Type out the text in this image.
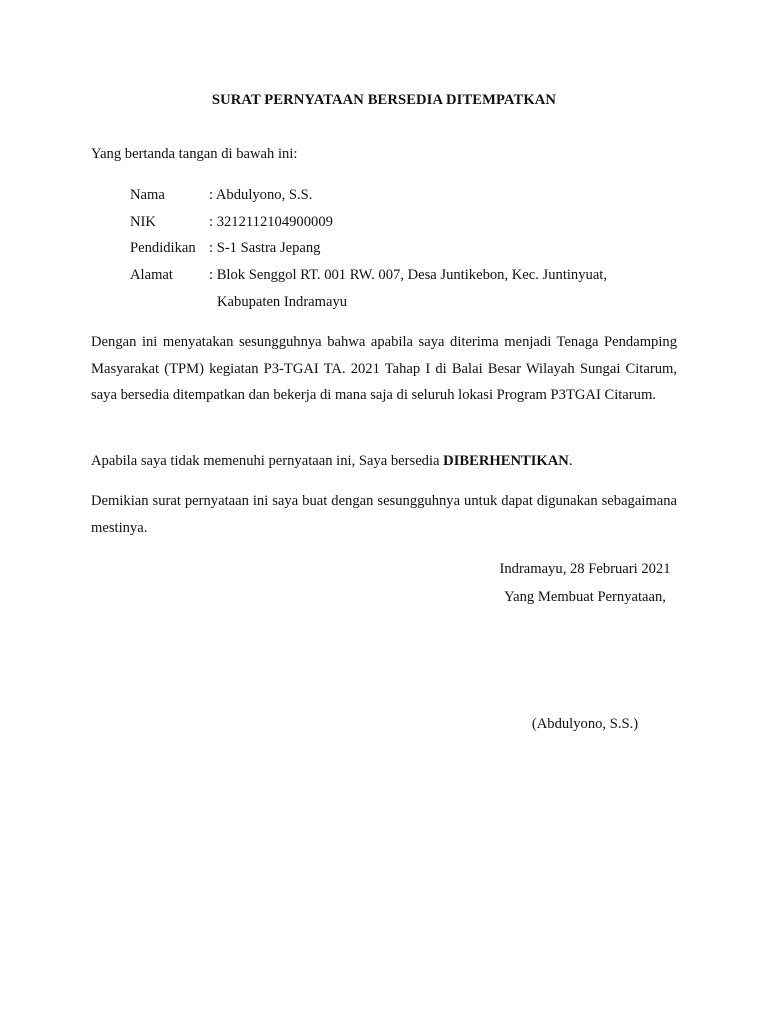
SURAT PERNYATAAN BERSEDIA DITEMPATKAN
Yang bertanda tangan di bawah ini:
Nama	: Abdulyono, S.S.
NIK	: 3212112104900009
Pendidikan : S-1 Sastra Jepang
Alamat	: Blok Senggol RT. 001 RW. 007, Desa Juntikebon, Kec. Juntinyuat,
Kabupaten Indramayu
Dengan ini menyatakan sesungguhnya bahwa apabila saya diterima menjadi Tenaga Pendamping Masyarakat (TPM) kegiatan P3-TGAI TA. 2021 Tahap I di Balai Besar Wilayah Sungai Citarum, saya bersedia ditempatkan dan bekerja di mana saja di seluruh lokasi Program P3TGAI Citarum.
Apabila saya tidak memenuhi pernyataan ini, Saya bersedia DIBERHENTIKAN.
Demikian surat pernyataan ini saya buat dengan sesungguhnya untuk dapat digunakan sebagaimana mestinya.
Indramayu, 28 Februari 2021
Yang Membuat Pernyataan,
(Abdulyono, S.S.)
